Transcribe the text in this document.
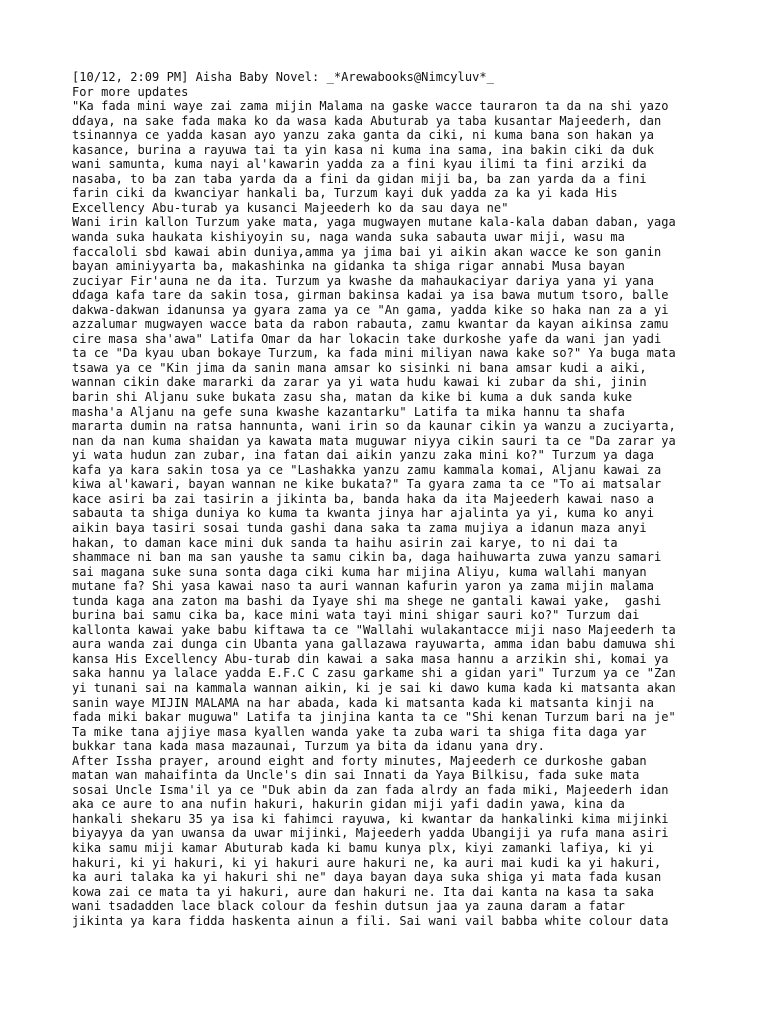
[10/12, 2:09 PM] Aisha Baby Novel: _*Arewabooks@Nimcyluv*_
For more updates
"Ka fada mini waye zai zama mijin Malama na gaske wacce tauraron ta da na shi yazo
dɗaya, na sake fada maka ko da wasa kada Abuturab ya taba kusantar Majeederh, dan
tsinannya ce yadda kasan ayo yanzu zaka ganta da ciki, ni kuma bana son hakan ya
kasance, burina a rayuwa tai ta yin kasa ni kuma ina sama, ina bakin ciki da duk
wani samunta, kuma nayi al'kawarin yadda za a fini kyau ilimi ta fini arziki da
nasaba, to ba zan taba yarda da a fini da gidan miji ba, ba zan yarda da a fini
farin ciki da kwanciyar hankali ba, Turzum kayi duk yadda za ka yi kada His
Excellency Abu-turab ya kusanci Majeederh ko da sau daya ne"
Wani irin kallon Turzum yake mata, yaga mugwayen mutane kala-kala daban daban, yaga
wanda suka haukata kishiyoyin su, naga wanda suka sabauta uwar miji, wasu ma
faccaloli sbd kawai abin duniya,amma ya jima bai yi aikin akan wacce ke son ganin
bayan aminiyyarta ba, makashinka na gidanka ta shiga rigar annabi Musa bayan
zuciyar Fir'auna ne da ita. Turzum ya kwashe da mahaukaciyar dariya yana yi yana
dɗaga kafa tare da sakin tosa, girman bakinsa kadai ya isa bawa mutum tsoro, balle
dakwa-dakwan idanunsa ya gyara zama ya ce "An gama, yadda kike so haka nan za a yi
azzalumar mugwayen wacce bata da rabon rabauta, zamu kwantar da kayan aikinsa zamu
cire masa sha'awa" Latifa Omar da har lokacin take durkoshe yafe da wani jan yadi
ta ce "Da kyau uban bokaye Turzum, ka fada mini miliyan nawa kake so?" Ya buga mata
tsawa ya ce "Kin jima da sanin mana amsar ko sisinki ni bana amsar kudi a aiki,
wannan cikin dake mararki da zarar ya yi wata hudu kawai ki zubar da shi, jinin
barin shi Aljanu suke bukata zasu sha, matan da kike bi kuma a duk sanda kuke
masha'a Aljanu na gefe suna kwashe kazantarku" Latifa ta mika hannu ta shafa
mararta dumin na ratsa hannunta, wani irin so da kaunar cikin ya wanzu a zuciyarta,
nan da nan kuma shaidan ya kawata mata muguwar niyya cikin sauri ta ce "Da zarar ya
yi wata hudun zan zubar, ina fatan dai aikin yanzu zaka mini ko?" Turzum ya daga
kafa ya kara sakin tosa ya ce "Lashakka yanzu zamu kammala komai, Aljanu kawai za
kiwa al'kawari, bayan wannan ne kike bukata?" Ta gyara zama ta ce "To ai matsalar
kace asiri ba zai tasirin a jikinta ba, banda haka da ita Majeederh kawai naso a
sabauta ta shiga duniya ko kuma ta kwanta jinya har ajalinta ya yi, kuma ko anyi
aikin baya tasiri sosai tunda gashi dana saka ta zama mujiya a idanun maza anyi
hakan, to daman kace mini duk sanda ta haihu asirin zai karye, to ni dai ta
shammace ni ban ma san yaushe ta samu cikin ba, daga haihuwarta zuwa yanzu samari
sai magana suke suna sonta daga ciki kuma har mijina Aliyu, kuma wallahi manyan
mutane fa? Shi yasa kawai naso ta auri wannan kafurin yaron ya zama mijin malama
tunda kaga ana zaton ma bashi da Iyaye shi ma shege ne gantali kawai yake,  gashi
burina bai samu cika ba, kace mini wata tayi mini shigar sauri ko?" Turzum dai
kallonta kawai yake babu kiftawa ta ce "Wallahi wulakantacce miji naso Majeederh ta
aura wanda zai dunga cin Ubanta yana gallazawa rayuwarta, amma idan babu damuwa shi
kansa His Excellency Abu-turab din kawai a saka masa hannu a arzikin shi, komai ya
saka hannu ya lalace yadda E.F.C C zasu garkame shi a gidan yari" Turzum ya ce "Zan
yi tunani sai na kammala wannan aikin, ki je sai ki dawo kuma kada ki matsanta akan
sanin waye MIJIN MALAMA na har abada, kada ki matsanta kada ki matsanta kinji na
fada miki bakar muguwa" Latifa ta jinjina kanta ta ce "Shi kenan Turzum bari na je"
Ta mike tana ajjiye masa kyallen wanda yake ta zuba wari ta shiga fita daga ƴar
bukkar tana kada masa mazaunai, Turzum ya bita da idanu yana dry.
After Issha prayer, around eight and forty minutes, Majeederh ce durkoshe gaban
matan wan mahaifinta da Uncle's din sai Innati da Yaya Bilkisu, fada suke mata
sosai Uncle Isma'il ya ce "Duk abin da zan fada alrdy an fada miki, Majeederh idan
aka ce aure to ana nufin hakuri, hakurin gidan miji yafi dadin yawa, kina da
hankali shekaru 35 ya isa ki fahimci rayuwa, ki kwantar da hankalinki kima mijinki
biyayya da ƴan uwansa da uwar mijinki, Majeederh yadda Ubangiji ya rufa mana asiri
kika samu miji kamar Abuturab kada ki bamu kunya plx, kiyi zamanki lafiya, ki yi
hakuri, ki yi hakuri, ki yi hakuri aure hakuri ne, ka auri mai kudi ka yi hakuri,
ka auri talaka ka yi hakuri shi ne" daya bayan daya suka shiga yi mata fada kusan
kowa zai ce mata ta yi hakuri, aure dan hakuri ne. Ita dai kanta na kasa ta saka
wani tsadadden lace black colour da feshin dutsun jaa ya zauna daram a fatar
jikinta ya kara fidda haskenta ainun a fili. Sai wani vail babba white colour data
